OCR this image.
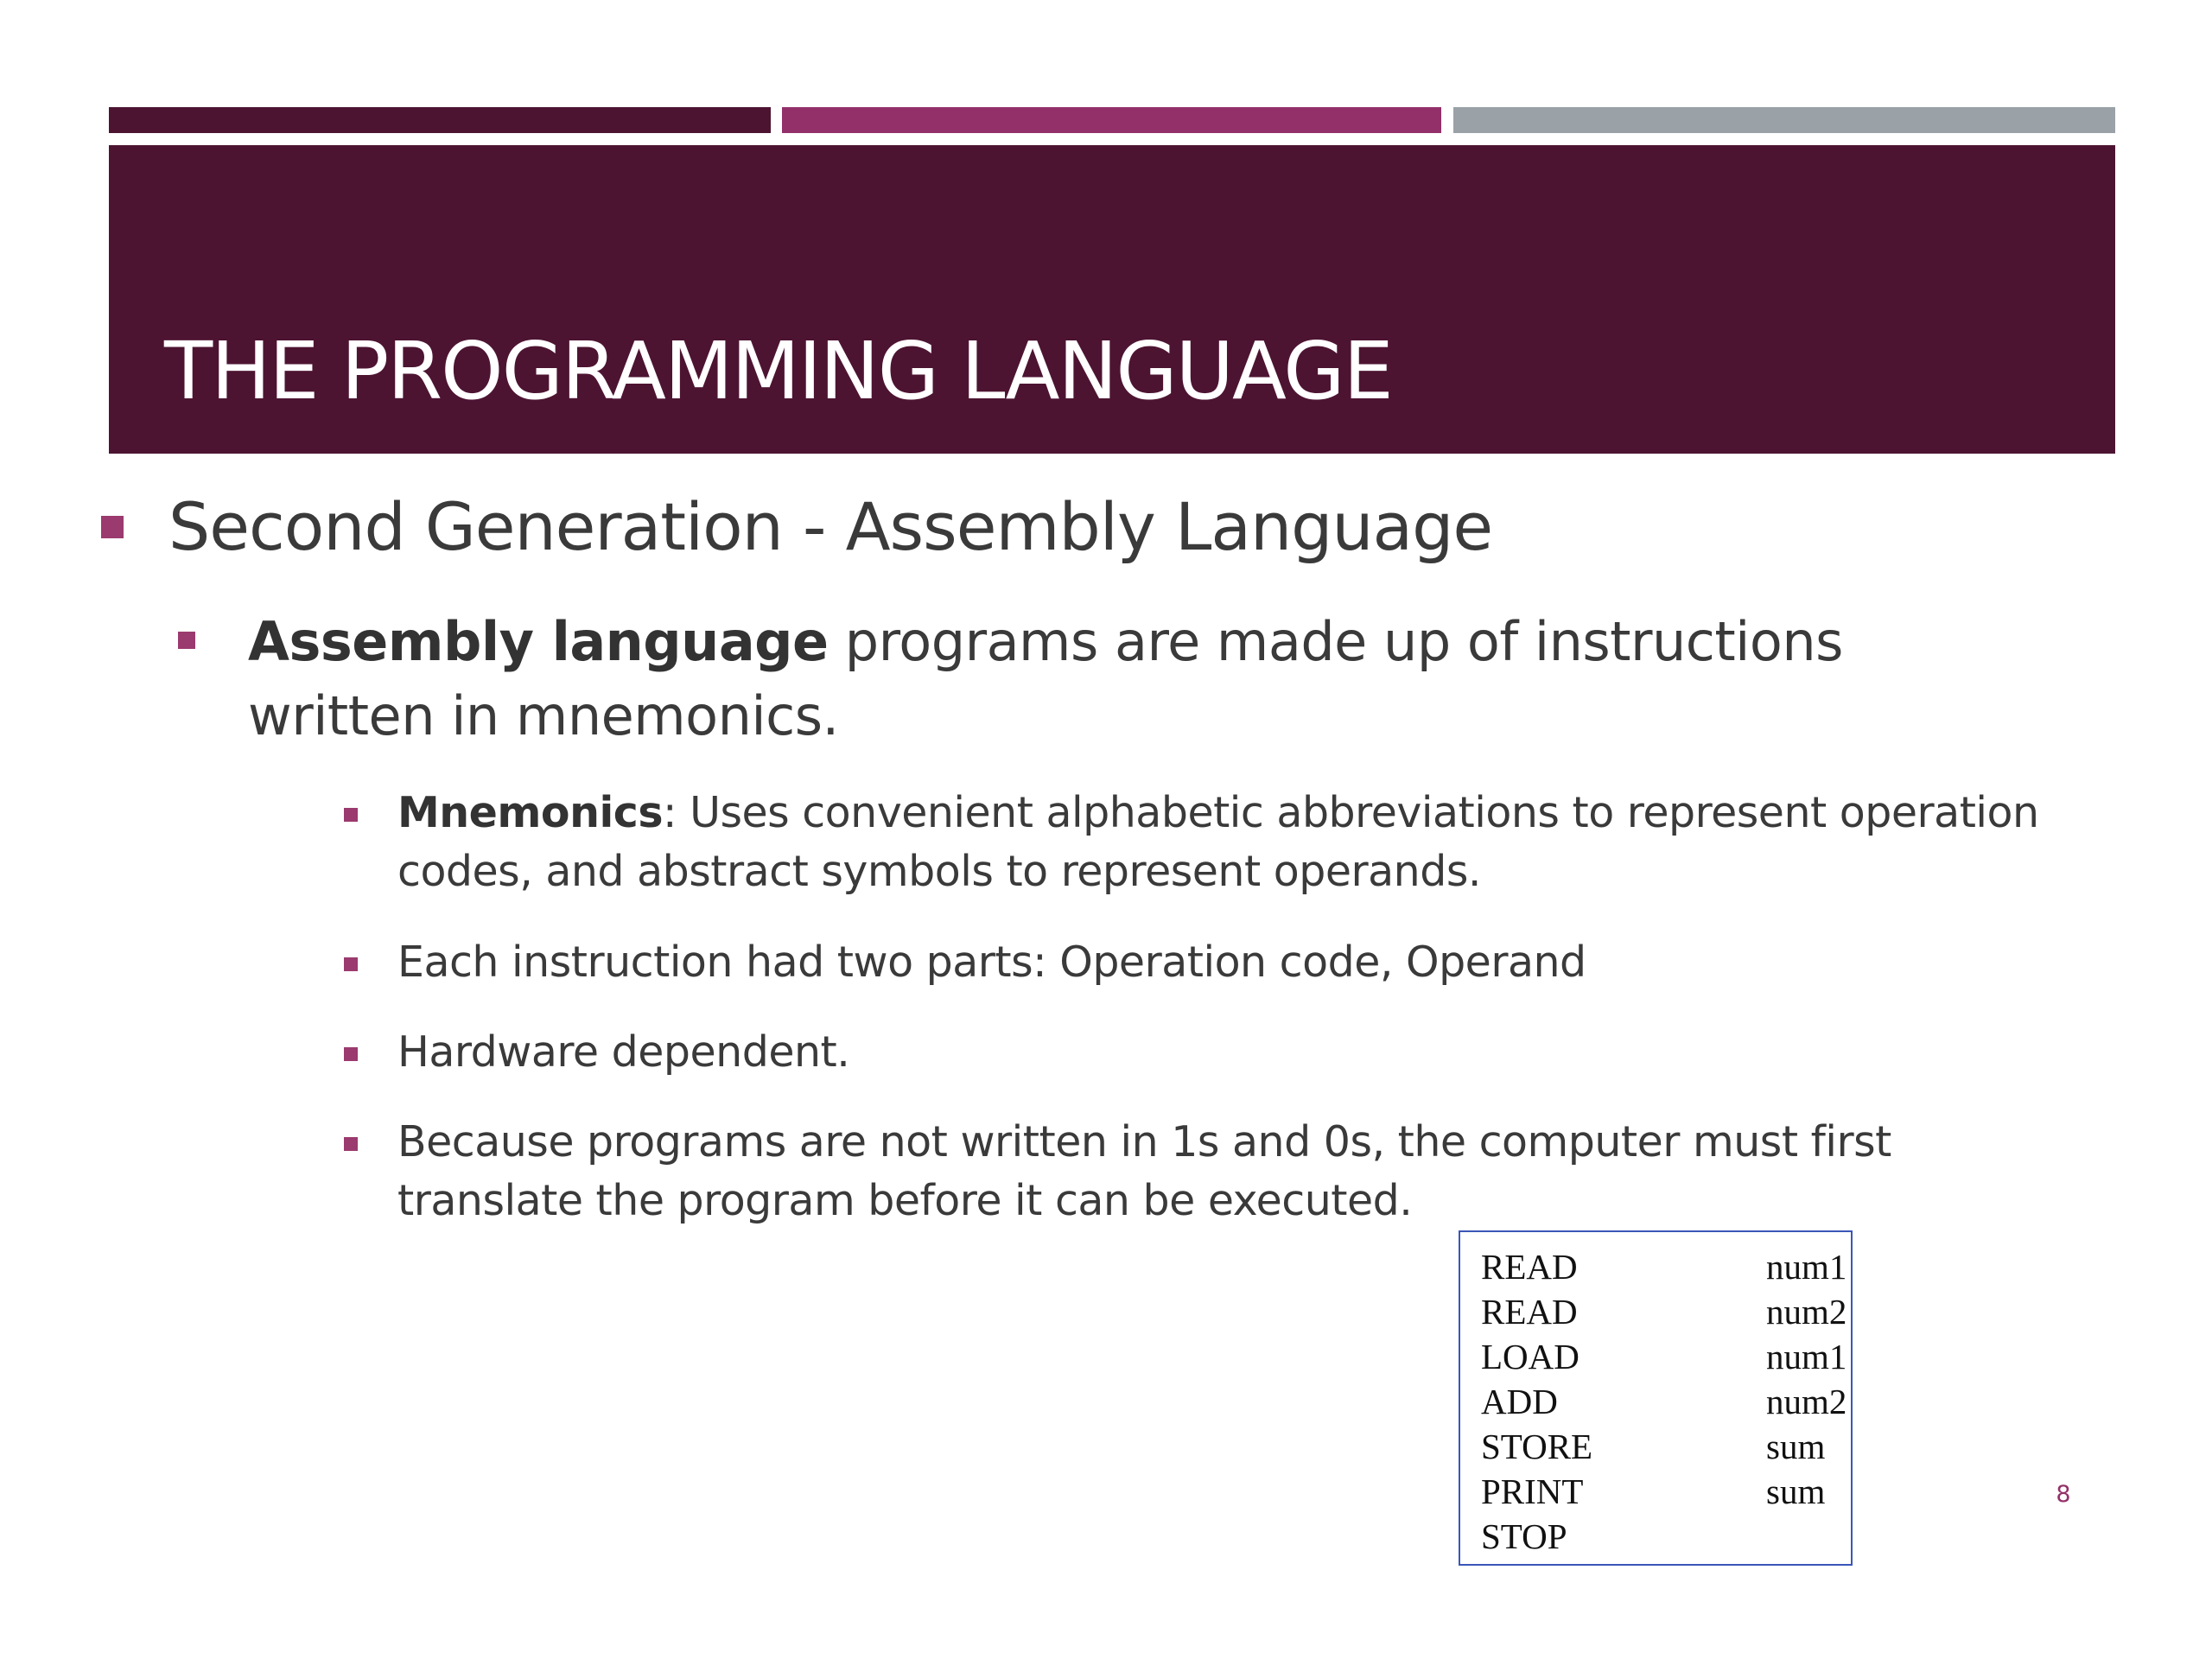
THE PROGRAMMING LANGUAGE
Second Generation - Assembly Language
Assembly language programs are made up of instructions written in mnemonics.
Mnemonics: Uses convenient alphabetic abbreviations to represent operation codes, and abstract symbols to represent operands.
Each instruction had two parts: Operation code, Operand
Hardware dependent.
Because programs are not written in 1s and 0s, the computer must first translate the program before it can be executed.
READ	num1
READ	num2
LOAD	num1
ADD	num2
STORE	sum
PRINT	sum
STOP
8
